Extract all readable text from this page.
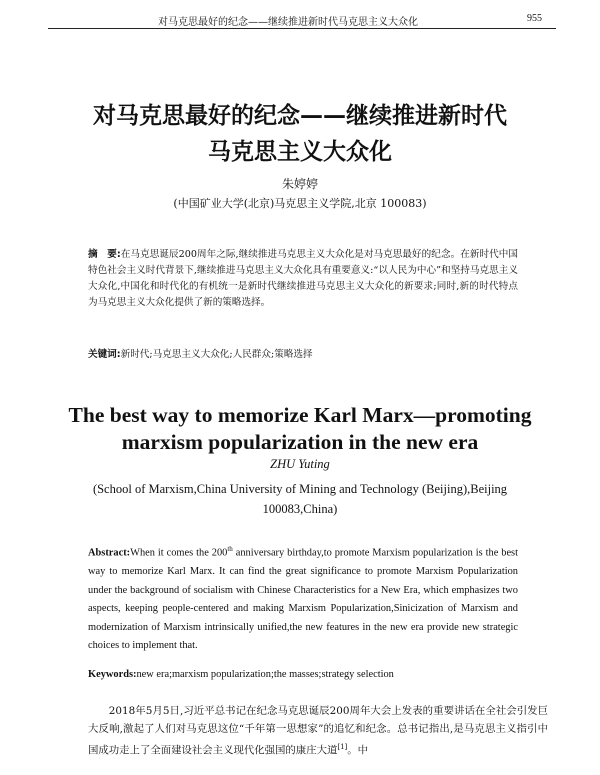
对马克思最好的纪念——继续推进新时代马克思主义大众化	955
对马克思最好的纪念——继续推进新时代
马克思主义大众化
朱婷婷
(中国矿业大学(北京)马克思主义学院,北京 100083)
摘　要:在马克思诞辰200周年之际,继续推进马克思主义大众化是对马克思最好的纪念。在新时代中国特色社会主义时代背景下,继续推进马克思主义大众化具有重要意义:“以人民为中心”和坚持马克思主义大众化,中国化和时代化的有机统一是新时代继续推进马克思主义大众化的新要求;同时,新的时代特点为马克思主义大众化提供了新的策略选择。
关键词:新时代;马克思主义大众化;人民群众;策略选择
The best way to memorize Karl Marx—promoting
marxism popularization in the new era
ZHU Yuting
(School of Marxism,China University of Mining and Technology (Beijing),Beijing 100083,China)
Abstract:When it comes the 200th anniversary birthday,to promote Marxism popularization is the best way to memorize Karl Marx. It can find the great significance to promote Marxism Popularization under the background of socialism with Chinese Characteristics for a New Era, which emphasizes two aspects, keeping people-centered and making Marxism Popularization,Sinicization of Marxism and modernization of Marxism intrinsically unified,the new features in the new era provide new strategic choices to implement that.
Keywords:new era;marxism popularization;the masses;strategy selection

2018年5月5日,习近平总书记在纪念马克思诞辰200周年大会上发表的重要讲话在全社会引发巨大反响,激起了人们对马克思这位“千年第一思想家”的追忆和纪念。总书记指出,是马克思主义指引中国成功走上了全面建设社会主义现代化强国的康庄大道[1]。中
